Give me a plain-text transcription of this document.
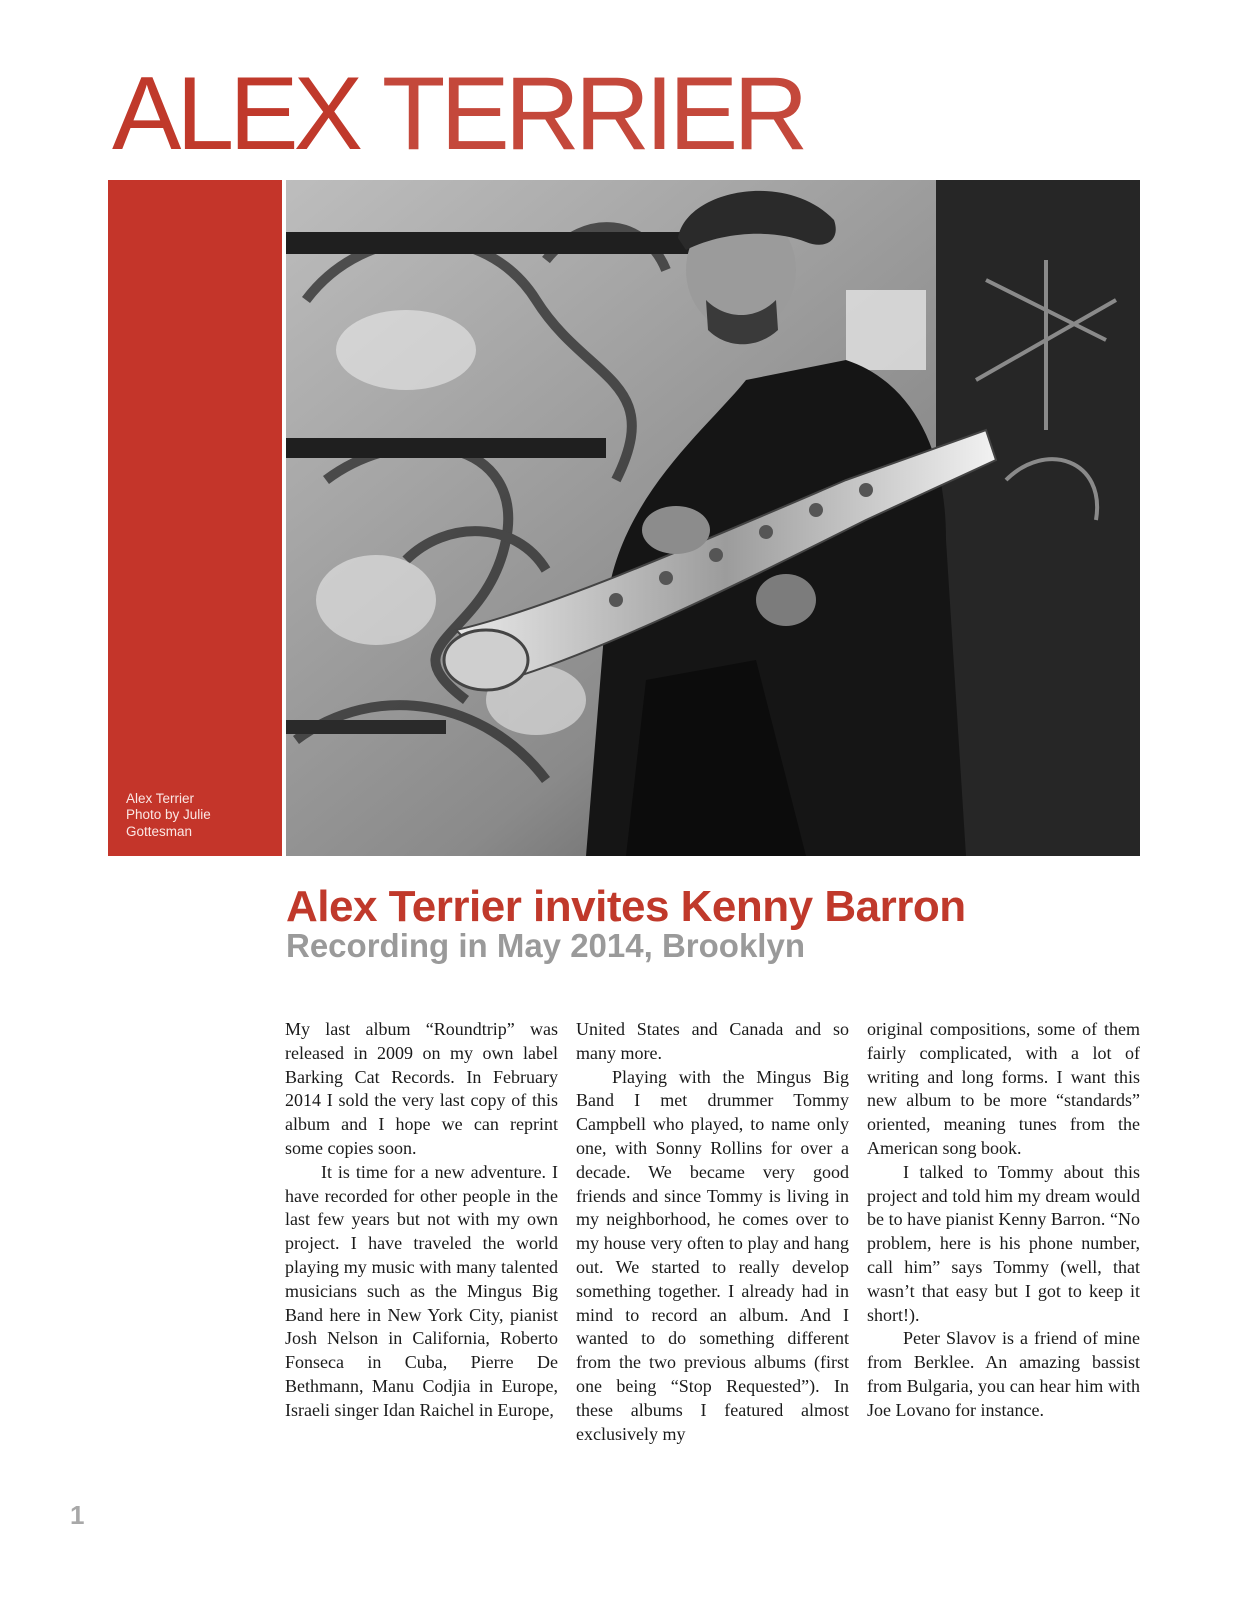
ALEX TERRIER
Alex Terrier
Photo by Julie
Gottesman
Alex Terrier invites Kenny Barron
Recording in May 2014, Brooklyn

My last album “Roundtrip” was released in 2009 on my own label Barking Cat Records. In February 2014 I sold the very last copy of this album and I hope we can reprint some copies soon.

It is time for a new adventure. I have recorded for other people in the last few years but not with my own project. I have traveled the world playing my music with many talented musicians such as the Mingus Big Band here in New York City, pianist Josh Nelson in California, Roberto Fonseca in Cuba, Pierre De Bethmann, Manu Codjia in Europe, Israeli singer Idan Raichel in Europe,

United States and Canada and so many more.

Playing with the Mingus Big Band I met drummer Tommy Campbell who played, to name only one, with Sonny Rollins for over a decade. We became very good friends and since Tommy is living in my neighborhood, he comes over to my house very often to play and hang out. We started to really develop something together. I already had in mind to record an album. And I wanted to do something different from the two previous albums (first one being “Stop Requested”). In these albums I featured almost exclusively my

original compositions, some of them fairly complicated, with a lot of writing and long forms. I want this new album to be more “standards” oriented, meaning tunes from the American song book.

I talked to Tommy about this project and told him my dream would be to have pianist Kenny Barron. “No problem, here is his phone number, call him” says Tommy (well, that wasn’t that easy but I got to keep it short!).

Peter Slavov is a friend of mine from Berklee. An amazing bassist from Bulgaria, you can hear him with Joe Lovano for instance.

1
